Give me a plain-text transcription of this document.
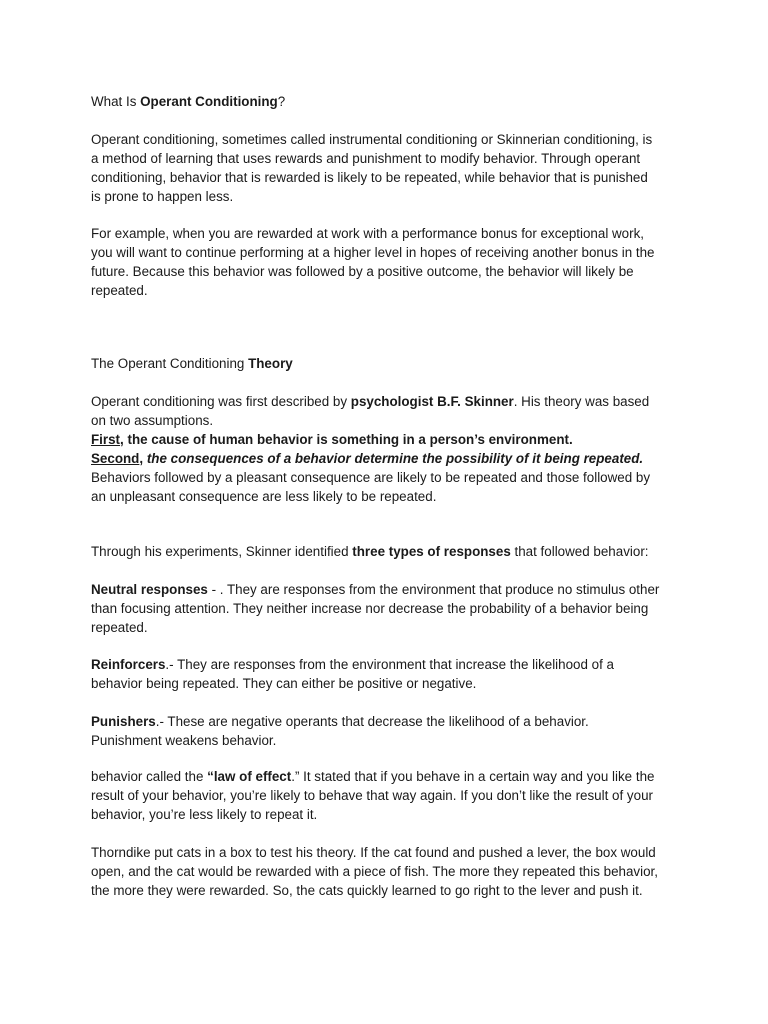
What Is Operant Conditioning?

Operant conditioning, sometimes called instrumental conditioning or Skinnerian conditioning, is
a method of learning that uses rewards and punishment to modify behavior. Through operant
conditioning, behavior that is rewarded is likely to be repeated, while behavior that is punished
is prone to happen less.

For example, when you are rewarded at work with a performance bonus for exceptional work,
you will want to continue performing at a higher level in hopes of receiving another bonus in the
future. Because this behavior was followed by a positive outcome, the behavior will likely be
repeated.

The Operant Conditioning Theory

Operant conditioning was first described by psychologist B.F. Skinner. His theory was based
on two assumptions.
First, the cause of human behavior is something in a person’s environment.
Second, the consequences of a behavior determine the possibility of it being repeated.
Behaviors followed by a pleasant consequence are likely to be repeated and those followed by
an unpleasant consequence are less likely to be repeated.

Through his experiments, Skinner identified three types of responses that followed behavior:

Neutral responses - . They are responses from the environment that produce no stimulus other
than focusing attention. They neither increase nor decrease the probability of a behavior being
repeated.

Reinforcers.- They are responses from the environment that increase the likelihood of a
behavior being repeated. They can either be positive or negative.

Punishers.- These are negative operants that decrease the likelihood of a behavior.
Punishment weakens behavior.

behavior called the “law of effect.” It stated that if you behave in a certain way and you like the
result of your behavior, you’re likely to behave that way again. If you don’t like the result of your
behavior, you’re less likely to repeat it.

Thorndike put cats in a box to test his theory. If the cat found and pushed a lever, the box would
open, and the cat would be rewarded with a piece of fish. The more they repeated this behavior,
the more they were rewarded. So, the cats quickly learned to go right to the lever and push it.
